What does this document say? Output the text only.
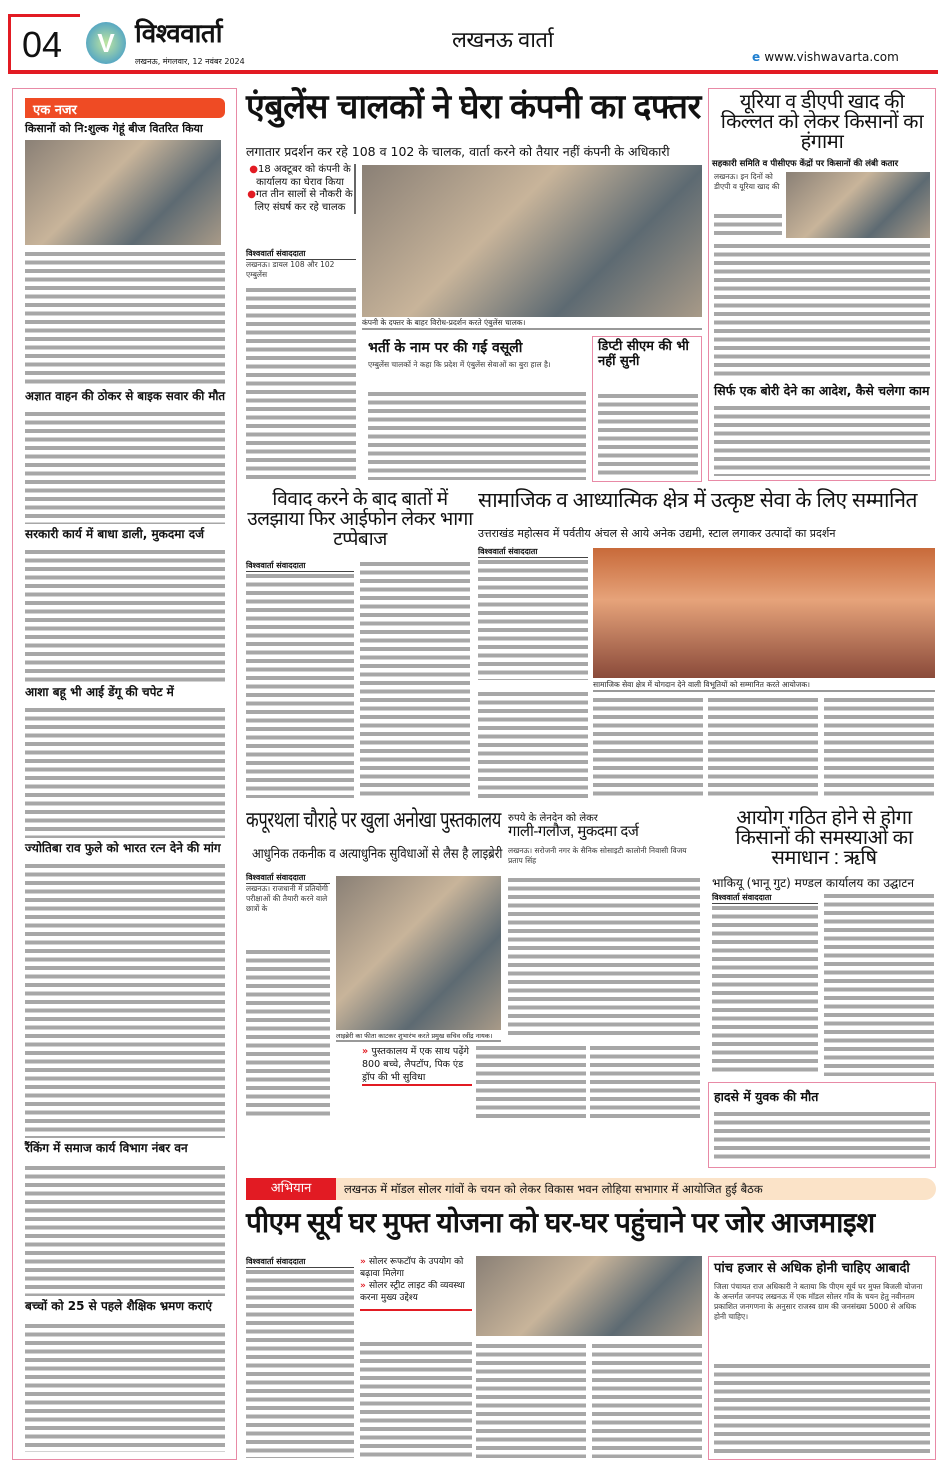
04	V विश्ववार्ता
लखनऊ, मंगलवार, 12 नवंबर 2024
लखनऊ वार्ता
e www.vishwavarta.com
एक नजर
किसानों को नि:शुल्क गेहूं बीज वितरित किया
अज्ञात वाहन की ठोकर से बाइक सवार की मौत
सरकारी कार्य में बाधा डाली, मुकदमा दर्ज
आशा बहू भी आई डेंगू की चपेट में
ज्योतिबा राव फुले को भारत रत्न देने की मांग
रैंकिंग में समाज कार्य विभाग नंबर वन
बच्चों को 25 से पहले शैक्षिक भ्रमण कराएं
एंबुलेंस चालकों ने घेरा कंपनी का दफ्तर
लगातार प्रदर्शन कर रहे 108 व 102 के चालक, वार्ता करने को तैयार नहीं कंपनी के अधिकारी
●18 अक्टूबर को कंपनी के कार्यालय का घेराव किया
●गत तीन सालों से नौकरी के लिए संघर्ष कर रहे चालक
विश्ववार्ता संवाददाता
लखनऊ। डायल 108 और 102 एम्बुलेंस
कंपनी के दफ्तर के बाहर विरोध-प्रदर्शन करते एंबुलेंस चालक।
भर्ती के नाम पर की गई वसूली
एम्बुलेंस चालकों ने कहा कि प्रदेश में एंबुलेंस सेवाओं का बुरा हाल है।
डिप्टी सीएम की भी नहीं सुनी
यूरिया व डीएपी खाद की किल्लत को लेकर किसानों का हंगामा
सहकारी समिति व पीसीएफ केंद्रों पर किसानों की लंबी कतार
लखनऊ। इन दिनों को डीएपी व यूरिया खाद की
सिर्फ एक बोरी देने का आदेश, कैसे चलेगा काम
विवाद करने के बाद बातों में उलझाया फिर आईफोन लेकर भागा टप्पेबाज
विश्ववार्ता संवाददाता
सामाजिक व आध्यात्मिक क्षेत्र में उत्कृष्ट सेवा के लिए सम्मानित
उत्तराखंड महोत्सव में पर्वतीय अंचल से आये अनेक उद्यमी, स्टाल लगाकर उत्पादों का प्रदर्शन
विश्ववार्ता संवाददाता
सामाजिक सेवा क्षेत्र में योगदान देने वाली विभूतियों को सम्मानित करते आयोजक।
कपूरथला चौराहे पर खुला अनोखा पुस्तकालय
आधुनिक तकनीक व अत्याधुनिक सुविधाओं से लैस है लाइब्रेरी
विश्ववार्ता संवाददाता
लखनऊ। राजधानी में प्रतियोगी परीक्षाओं की तैयारी करने वाले छात्रों के
लाइब्रेरी का फीता काटकर शुभारंभ करते प्रमुख सचिव रवींद्र नायक।
» पुस्तकालय में एक साथ पढ़ेंगे 800 बच्चे, लैपटॉप, पिक एंड ड्रॉप की भी सुविधा
रुपये के लेनदेन को लेकर
गाली-गलौज, मुकदमा दर्ज
लखनऊ। सरोजनी नगर के सैनिक सोसाइटी कालोनी निवासी विजय प्रताप सिंह
आयोग गठित होने से होगा किसानों की समस्याओं का समाधान : ऋषि
भाकियू (भानू गुट) मण्डल कार्यालय का उद्घाटन
विश्ववार्ता संवाददाता
हादसे में युवक की मौत
अभियान	लखनऊ में मॉडल सोलर गांवों के चयन को लेकर विकास भवन लोहिया सभागार में आयोजित हुई बैठक
पीएम सूर्य घर मुफ्त योजना को घर-घर पहुंचाने पर जोर आजमाइश
विश्ववार्ता संवाददाता	» सोलर रूफटॉप के उपयोग को बढ़ावा मिलेगा
» सोलर स्ट्रीट लाइट की व्यवस्था करना मुख्य उद्देश्य
पांच हजार से अधिक होनी चाहिए आबादी
जिला पंचायत राज अधिकारी ने बताया कि पीएम सूर्य घर मुफ्त बिजली योजना के अन्तर्गत जनपद लखनऊ में एक मॉडल सोलर गाँव के चयन हेतु नवीनतम प्रकाशित जनगणना के अनुसार राजस्व ग्राम की जनसंख्या 5000 से अधिक होनी चाहिए।
